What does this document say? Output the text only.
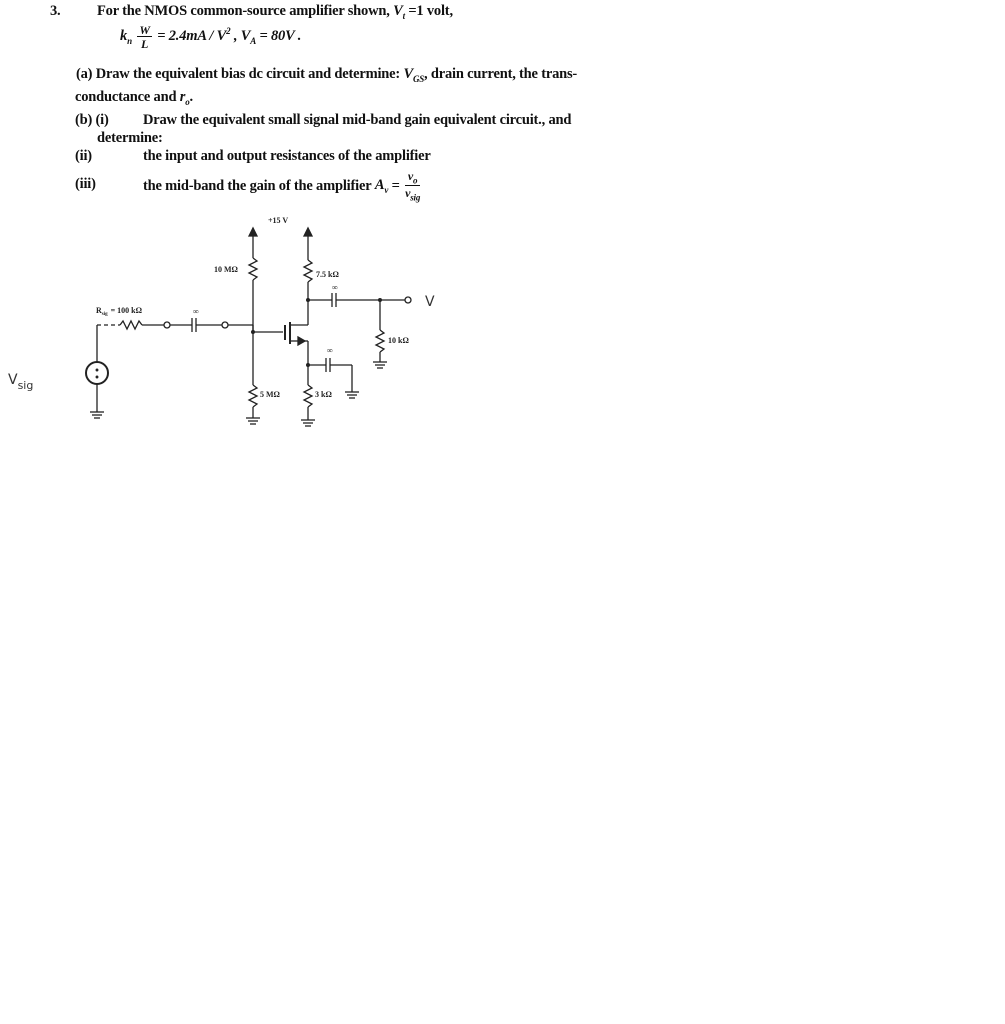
3.	For the NMOS common-source amplifier shown, $V_t =1$ volt,
$k_n \frac{W}{L} = 2.4mA / V^2$ , $V_A = 80V$ .
(a) Draw the equivalent bias dc circuit and determine: $V_{GS}$, drain current, the trans-
conductance and $r_o$.
(b) (i) Draw the equivalent small signal mid-band gain equivalent circuit., and
determine:
(ii)	the input and output resistances of the amplifier
(iii)	the mid-band the gain of the amplifier $A_v = \frac{v_o}{v_{sig}}$
+15 V
10 MΩ
5 MΩ
7.5 kΩ
∞
V
10 kΩ
∞
3 kΩ
$R_{sig} = 100$ kΩ	∞
$V_{sig}$
